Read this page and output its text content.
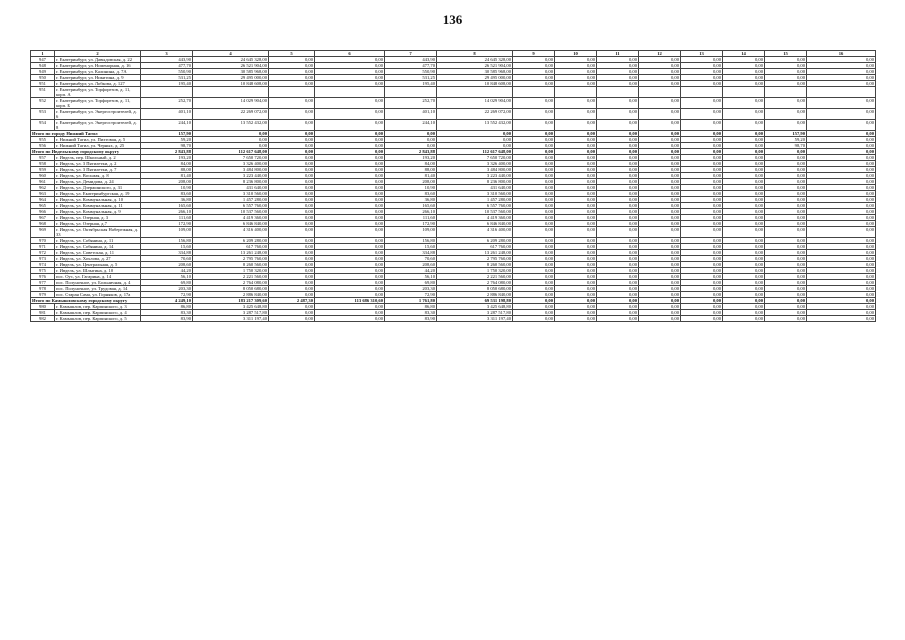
136
1	2	3	4	5	6	7	8	9	10	11	12	13	14	15	16
947	г. Екатеринбург, ул. Давыдовская, д. 22	443,90	24 645 328,00	0,00	0,00	443,90	24 645 328,00	0,00	0,00	0,00	0,00	0,00	0,00	0,00	0,00
948	г. Екатеринбург, ул. Номенорная, д. 16	477,70	26 521 904,00	0,00	0,00	477,70	26 521 904,00	0,00	0,00	0,00	0,00	0,00	0,00	0,00	0,00
949	г. Екатеринбург, ул. Калинина, д. 7А	550,90	30 585 968,00	0,00	0,00	550,90	30 585 968,00	0,00	0,00	0,00	0,00	0,00	0,00	0,00	0,00
950	г. Екатеринбург, ул. Никитина, д. 9	531,25	29 495 000,00	0,00	0,00	531,25	29 495 000,00	0,00	0,00	0,00	0,00	0,00	0,00	0,00	0,00
951	г. Екатеринбург, ул. Лобкова, д. 127	195,40	10 848 608,00	0,00	0,00	195,40	10 848 608,00	0,00	0,00	0,00	0,00	0,00	0,00	0,00	0,00
951	г. Екатеринбург, ул. Торфорезов, д. 11, корп. А														
952	г. Екатеринбург, ул. Торфорезов, д. 11, корп. Б	252,70	14 029 904,00	0,00	0,00	252,70	14 029 904,00	0,00	0,00	0,00	0,00	0,00	0,00	0,00	0,00
953	г. Екатеринбург, ул. Энергостроителей, д. 6	401,10	22 269 072,00	0,00	0,00	401,10	22 269 072,00	0,00	0,00	0,00	0,00	0,00	0,00	0,00	0,00
954	г. Екатеринбург, ул. Энергостроителей, д. 8	244,10	13 552 432,00	0,00	0,00	244,10	13 552 432,00	0,00	0,00	0,00	0,00	0,00	0,00	0,00	0,00
Итого по городу Нижний Тагил		157,90	0,00	0,00	0,00	0,00	0,00	0,00	0,00	0,00	0,00	0,00	0,00	157,90	0,00
955	г. Нижний Тагил, ул. Пихтовая, д. 5	59,20	0,00	0,00	0,00	0,00	0,00	0,00	0,00	0,00	0,00	0,00	0,00	59,20	0,00
956	г. Нижний Тагил, ул. Черных, д. 25	98,70	0,00	0,00	0,00	0,00	0,00	0,00	0,00	0,00	0,00	0,00	0,00	98,70	0,00
Итого по Ивдельскому городскому округу		2 843,88	112 617 648,00	0,00	0,00	2 843,88	112 617 648,00	0,00	0,00	0,00	0,00	0,00	0,00	0,00	0,00
957	г. Ивдель, пер. Школьный, д. 2	193,20	7 650 720,00	0,00	0,00	193,20	7 650 720,00	0,00	0,00	0,00	0,00	0,00	0,00	0,00	0,00
958	г. Ивдель, ул. 3 Пятилетки, д. 2	84,00	3 326 400,00	0,00	0,00	84,00	3 326 400,00	0,00	0,00	0,00	0,00	0,00	0,00	0,00	0,00
959	г. Ивдель, ул. 3 Пятилетки, д. 7	88,00	3 484 800,00	0,00	0,00	88,00	3 484 800,00	0,00	0,00	0,00	0,00	0,00	0,00	0,00	0,00
960	г. Ивдель, ул. Восьмая, д. 8	81,40	3 223 440,00	0,00	0,00	81,40	3 223 440,00	0,00	0,00	0,00	0,00	0,00	0,00	0,00	0,00
961	г. Ивдель, ул. Демидова, д. 24	208,00	8 236 800,00	0,00	0,00	208,00	8 236 800,00	0,00	0,00	0,00	0,00	0,00	0,00	0,00	0,00
962	г. Ивдель, ул. Дзержинского, д. 31	10,90	431 640,00	0,00	0,00	10,90	431 640,00	0,00	0,00	0,00	0,00	0,00	0,00	0,00	0,00
963	г. Ивдель, ул. Екатеринбургская, д. 19	83,60	3 310 560,00	0,00	0,00	83,60	3 310 560,00	0,00	0,00	0,00	0,00	0,00	0,00	0,00	0,00
964	г. Ивдель, ул. Коммунальная, д. 10	36,80	1 457 280,00	0,00	0,00	36,80	1 457 280,00	0,00	0,00	0,00	0,00	0,00	0,00	0,00	0,00
965	г. Ивдель, ул. Коммунальная, д. 11	165,60	6 557 760,00	0,00	0,00	165,60	6 557 760,00	0,00	0,00	0,00	0,00	0,00	0,00	0,00	0,00
966	г. Ивдель, ул. Коммунальная, д. 9	266,10	10 537 560,00	0,00	0,00	266,10	10 537 560,00	0,00	0,00	0,00	0,00	0,00	0,00	0,00	0,00
967	г. Ивдель, ул. Озерная, д. 3	111,60	4 419 360,00	0,00	0,00	111,60	4 419 360,00	0,00	0,00	0,00	0,00	0,00	0,00	0,00	0,00
968	г. Ивдель, ул. Озерная, д.7	172,90	6 846 840,00	0,00	0,00	172,90	6 846 840,00	0,00	0,00	0,00	0,00	0,00	0,00	0,00	0,00
969	г. Ивдель, ул. Октябрьская Набережная, д. 33	109,00	4 316 400,00	0,00	0,00	109,00	4 316 400,00	0,00	0,00	0,00	0,00	0,00	0,00	0,00	0,00
970	г. Ивдель, ул. Собянина, д. 11	156,80	6 209 280,00	0,00	0,00	156,80	6 209 280,00	0,00	0,00	0,00	0,00	0,00	0,00	0,00	0,00
971	г. Ивдель, ул. Собянина, д. 14	15,60	617 760,00	0,00	0,00	15,60	617 760,00	0,00	0,00	0,00	0,00	0,00	0,00	0,00	0,00
972	г. Ивдель, ул. Советская, д. 11	334,88	13 261 248,00	0,00	0,00	334,88	13 261 248,00	0,00	0,00	0,00	0,00	0,00	0,00	0,00	0,00
973	г. Ивдель, ул. Хохлова, д. 27	70,60	2 795 760,00	0,00	0,00	70,60	2 795 760,00	0,00	0,00	0,00	0,00	0,00	0,00	0,00	0,00
974	г. Ивдель, ул. Центральная, д. 5	208,60	8 260 560,00	0,00	0,00	208,60	8 260 560,00	0,00	0,00	0,00	0,00	0,00	0,00	0,00	0,00
975	г. Ивдель, ул. Шлыгина, д. 10	44,20	1 750 320,00	0,00	0,00	44,20	1 750 320,00	0,00	0,00	0,00	0,00	0,00	0,00	0,00	0,00
976	пос. Оус, ул. Гагарина, д. 14	56,10	2 221 560,00	0,00	0,00	56,10	2 221 560,00	0,00	0,00	0,00	0,00	0,00	0,00	0,00	0,00
977	пос. Полуночное, ул. Больничная, д. 4	69,80	2 764 080,00	0,00	0,00	69,80	2 764 080,00	0,00	0,00	0,00	0,00	0,00	0,00	0,00	0,00
978	пос. Полуночное, ул. Трудовая, д. 14	203,30	8 050 680,00	0,00	0,00	203,30	8 050 680,00	0,00	0,00	0,00	0,00	0,00	0,00	0,00	0,00
979	пос. Старая Сама, ул. Горняков, д. 17а	72,90	2 886 840,00	0,00	0,00	72,90	2 886 840,00	0,00	0,00	0,00	0,00	0,00	0,00	0,00	0,00
Итого по Камышловскому городскому округу		4 249,10	183 217 309,60	2 487,30	113 686 310,60	1 761,80	69 531 198,80	0,00	0,00	0,00	0,00	0,00	0,00	0,00	0,00
980	г. Камышлов, пер. Карпинского, д. 3	86,80	3 425 648,80	0,00	0,00	86,80	3 425 648,80	0,00	0,00	0,00	0,00	0,00	0,00	0,00	0,00
981	г. Камышлов, пер. Карпинского, д. 4	83,30	3 287 517,80	0,00	0,00	83,30	3 287 517,80	0,00	0,00	0,00	0,00	0,00	0,00	0,00	0,00
982	г. Камышлов, пер. Карпинского, д. 5	83,90	3 311 197,40	0,00	0,00	83,90	3 311 197,40	0,00	0,00	0,00	0,00	0,00	0,00	0,00	0,00
